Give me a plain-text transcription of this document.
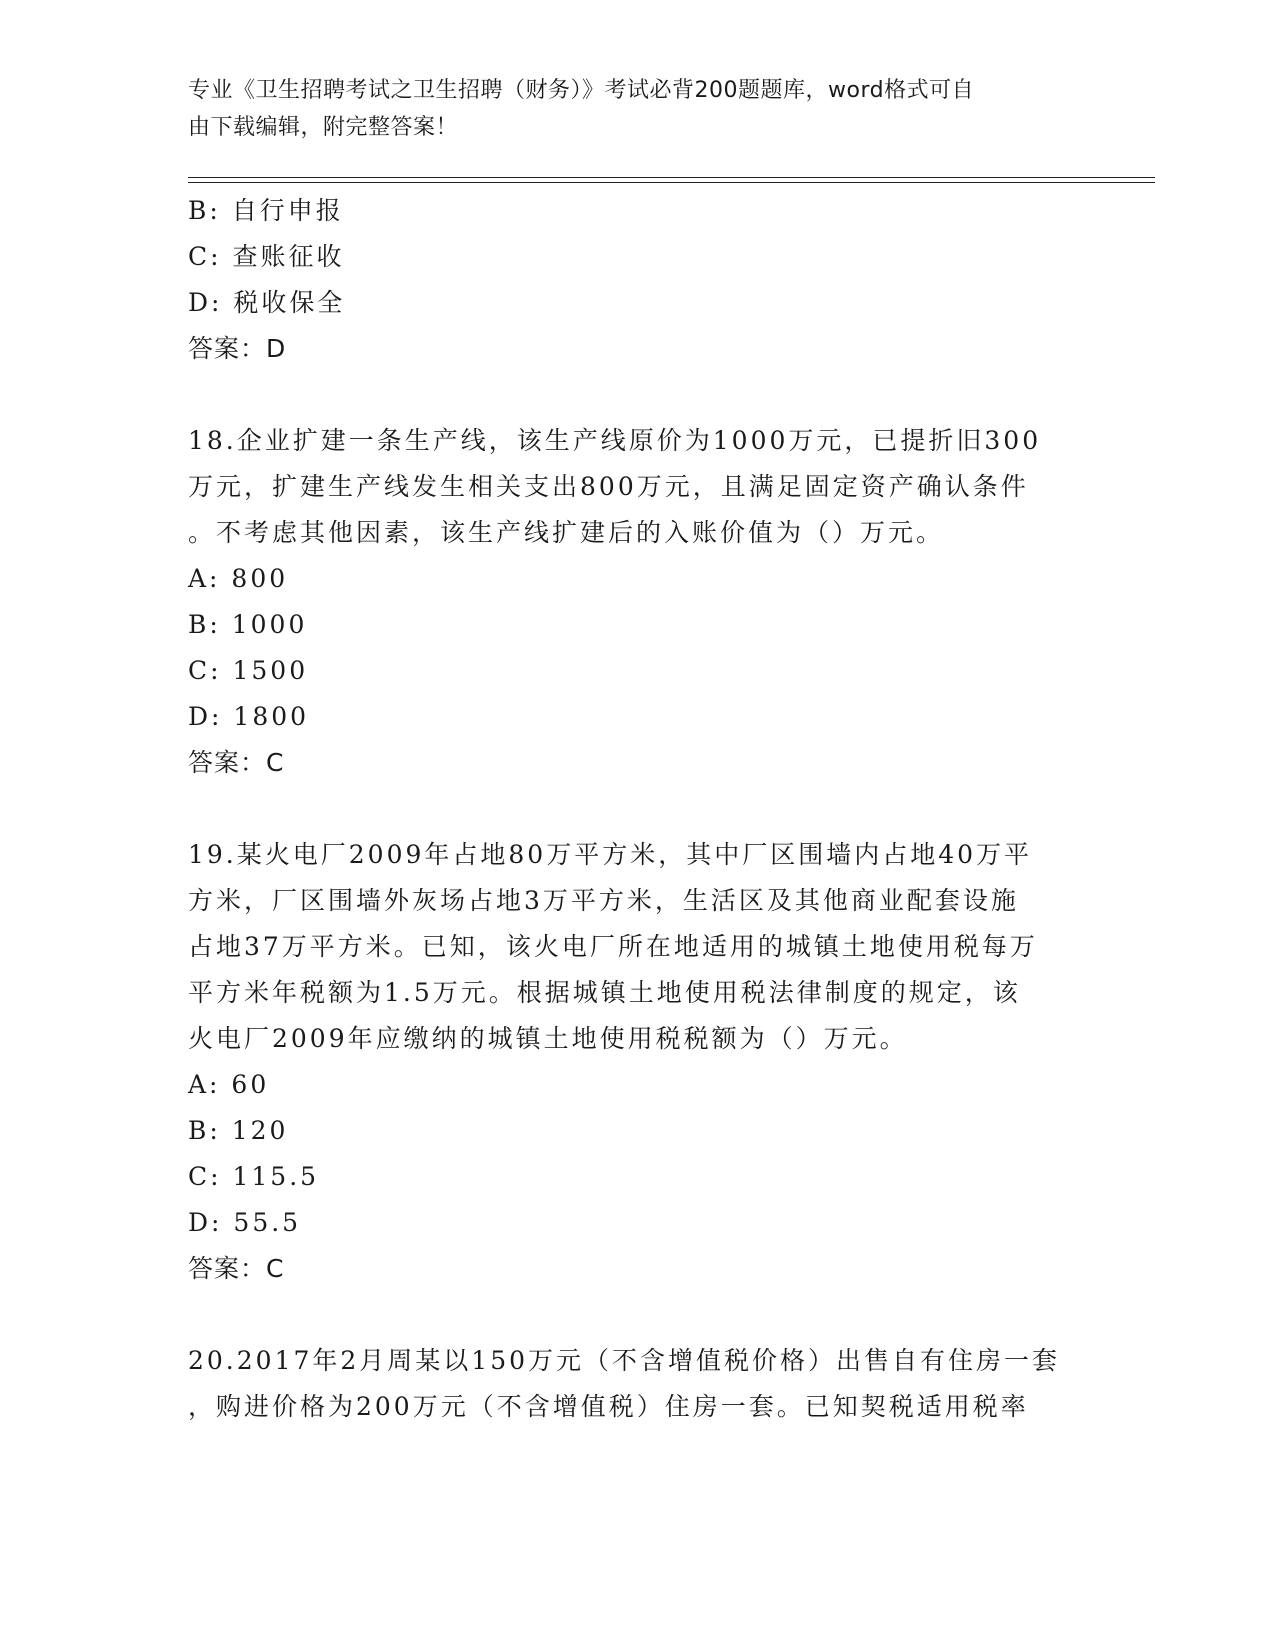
专业《卫生招聘考试之卫生招聘（财务）》考试必背200题题库，word格式可自
由下载编辑，附完整答案！
B: 自行申报
C: 查账征收
D: 税收保全
答案：D
18.企业扩建一条生产线，该生产线原价为1000万元，已提折旧300
万元，扩建生产线发生相关支出800万元，且满足固定资产确认条件
。不考虑其他因素，该生产线扩建后的入账价值为（）万元。
A: 800
B: 1000
C: 1500
D: 1800
答案：C
19.某火电厂2009年占地80万平方米，其中厂区围墙内占地40万平
方米，厂区围墙外灰场占地3万平方米，生活区及其他商业配套设施
占地37万平方米。已知，该火电厂所在地适用的城镇土地使用税每万
平方米年税额为1.5万元。根据城镇土地使用税法律制度的规定，该
火电厂2009年应缴纳的城镇土地使用税税额为（）万元。
A: 60
B: 120
C: 115.5
D: 55.5
答案：C
20.2017年2月周某以150万元（不含增值税价格）出售自有住房一套
，购进价格为200万元（不含增值税）住房一套。已知契税适用税率
